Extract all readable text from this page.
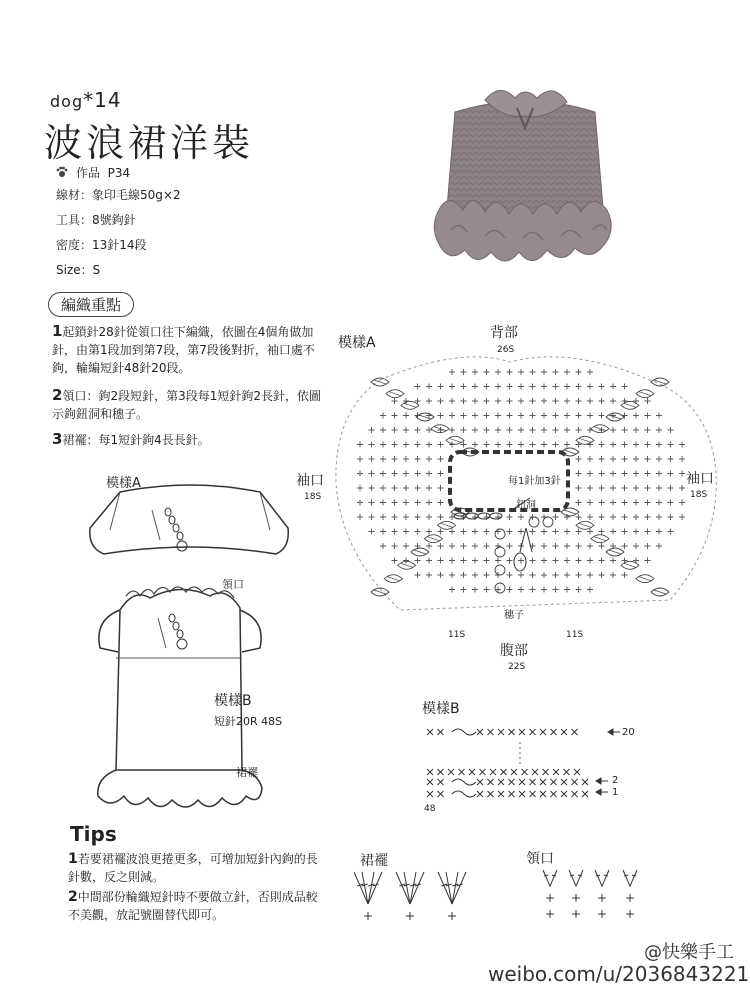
dog*14
波浪裙洋裝
作品 P34
線材：象印毛線50g×2
工具：8號鉤針
密度：13針14段
Size：S
編織重點
1起鎖針28針從領口往下編織，依圖在4個角做加針，由第1段加到第7段，第7段後對折，袖口處不鉤，輪編短針48針20段。
2領口：鉤2段短針，第3段每1短針鉤2長針，依圖示鉤鈕洞和穗子。
3裙襬：每1短針鉤4長長針。
模樣A
領口
模樣B
短針20R 48S
裙襬
模樣A
背部
26S
袖口
18S
袖口
18S
腹部
22S
11S	11S
每1針加3針
鈕洞
穗子
模樣B
20
2
1
48
Tips
1若要裙襬波浪更捲更多，可增加短針內鉤的長針數，反之則減。
2中間部份輪織短針時不要做立針，否則成品較不美觀，放記號圈替代即可。
裙襬	領口
@快樂手工
weibo.com/u/2036843221
